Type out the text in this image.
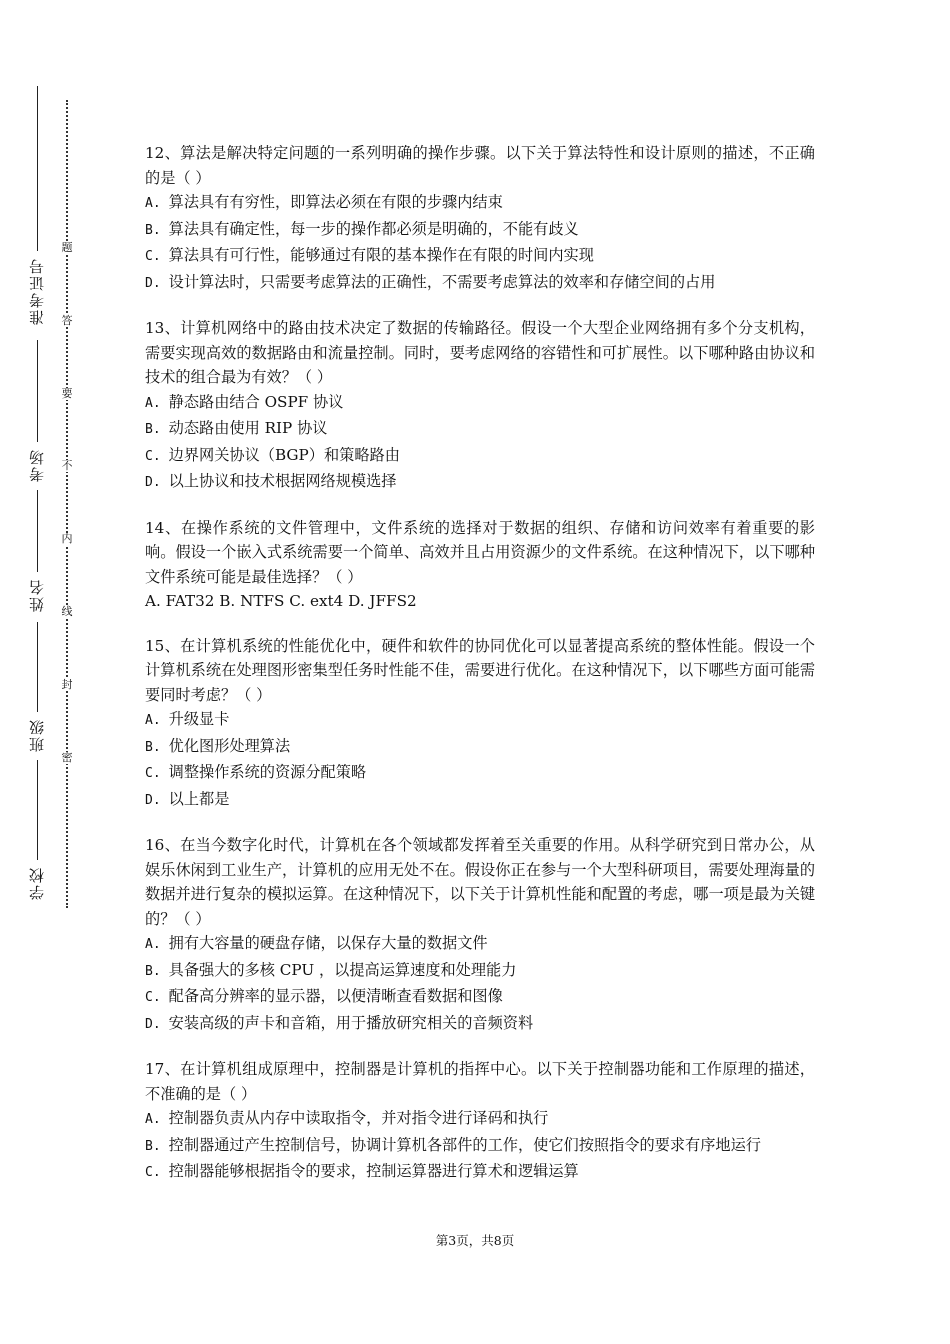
准考证号
考场
姓名
班级
学校
题
答
要
不
内
线
封
密
12、算法是解决特定问题的一系列明确的操作步骤。以下关于算法特性和设计原则的描述，不正确的是（ ）
A. 算法具有有穷性，即算法必须在有限的步骤内结束
B. 算法具有确定性，每一步的操作都必须是明确的，不能有歧义
C. 算法具有可行性，能够通过有限的基本操作在有限的时间内实现
D. 设计算法时，只需要考虑算法的正确性，不需要考虑算法的效率和存储空间的占用
13、计算机网络中的路由技术决定了数据的传输路径。假设一个大型企业网络拥有多个分支机构，需要实现高效的数据路由和流量控制。同时，要考虑网络的容错性和可扩展性。以下哪种路由协议和技术的组合最为有效？（ ）
A. 静态路由结合 OSPF 协议
B. 动态路由使用 RIP 协议
C. 边界网关协议（BGP）和策略路由
D. 以上协议和技术根据网络规模选择
14、在操作系统的文件管理中，文件系统的选择对于数据的组织、存储和访问效率有着重要的影响。假设一个嵌入式系统需要一个简单、高效并且占用资源少的文件系统。在这种情况下，以下哪种文件系统可能是最佳选择？（ ）
A. FAT32 B. NTFS C. ext4 D. JFFS2
15、在计算机系统的性能优化中，硬件和软件的协同优化可以显著提高系统的整体性能。假设一个计算机系统在处理图形密集型任务时性能不佳，需要进行优化。在这种情况下，以下哪些方面可能需要同时考虑？（ ）
A. 升级显卡
B. 优化图形处理算法
C. 调整操作系统的资源分配策略
D. 以上都是
16、在当今数字化时代，计算机在各个领域都发挥着至关重要的作用。从科学研究到日常办公，从娱乐休闲到工业生产，计算机的应用无处不在。假设你正在参与一个大型科研项目，需要处理海量的数据并进行复杂的模拟运算。在这种情况下，以下关于计算机性能和配置的考虑，哪一项是最为关键的？（ ）
A. 拥有大容量的硬盘存储，以保存大量的数据文件
B. 具备强大的多核 CPU ，以提高运算速度和处理能力
C. 配备高分辨率的显示器，以便清晰查看数据和图像
D. 安装高级的声卡和音箱，用于播放研究相关的音频资料
17、在计算机组成原理中，控制器是计算机的指挥中心。以下关于控制器功能和工作原理的描述，不准确的是（ ）
A. 控制器负责从内存中读取指令，并对指令进行译码和执行
B. 控制器通过产生控制信号，协调计算机各部件的工作，使它们按照指令的要求有序地运行
C. 控制器能够根据指令的要求，控制运算器进行算术和逻辑运算
第3页，共8页
